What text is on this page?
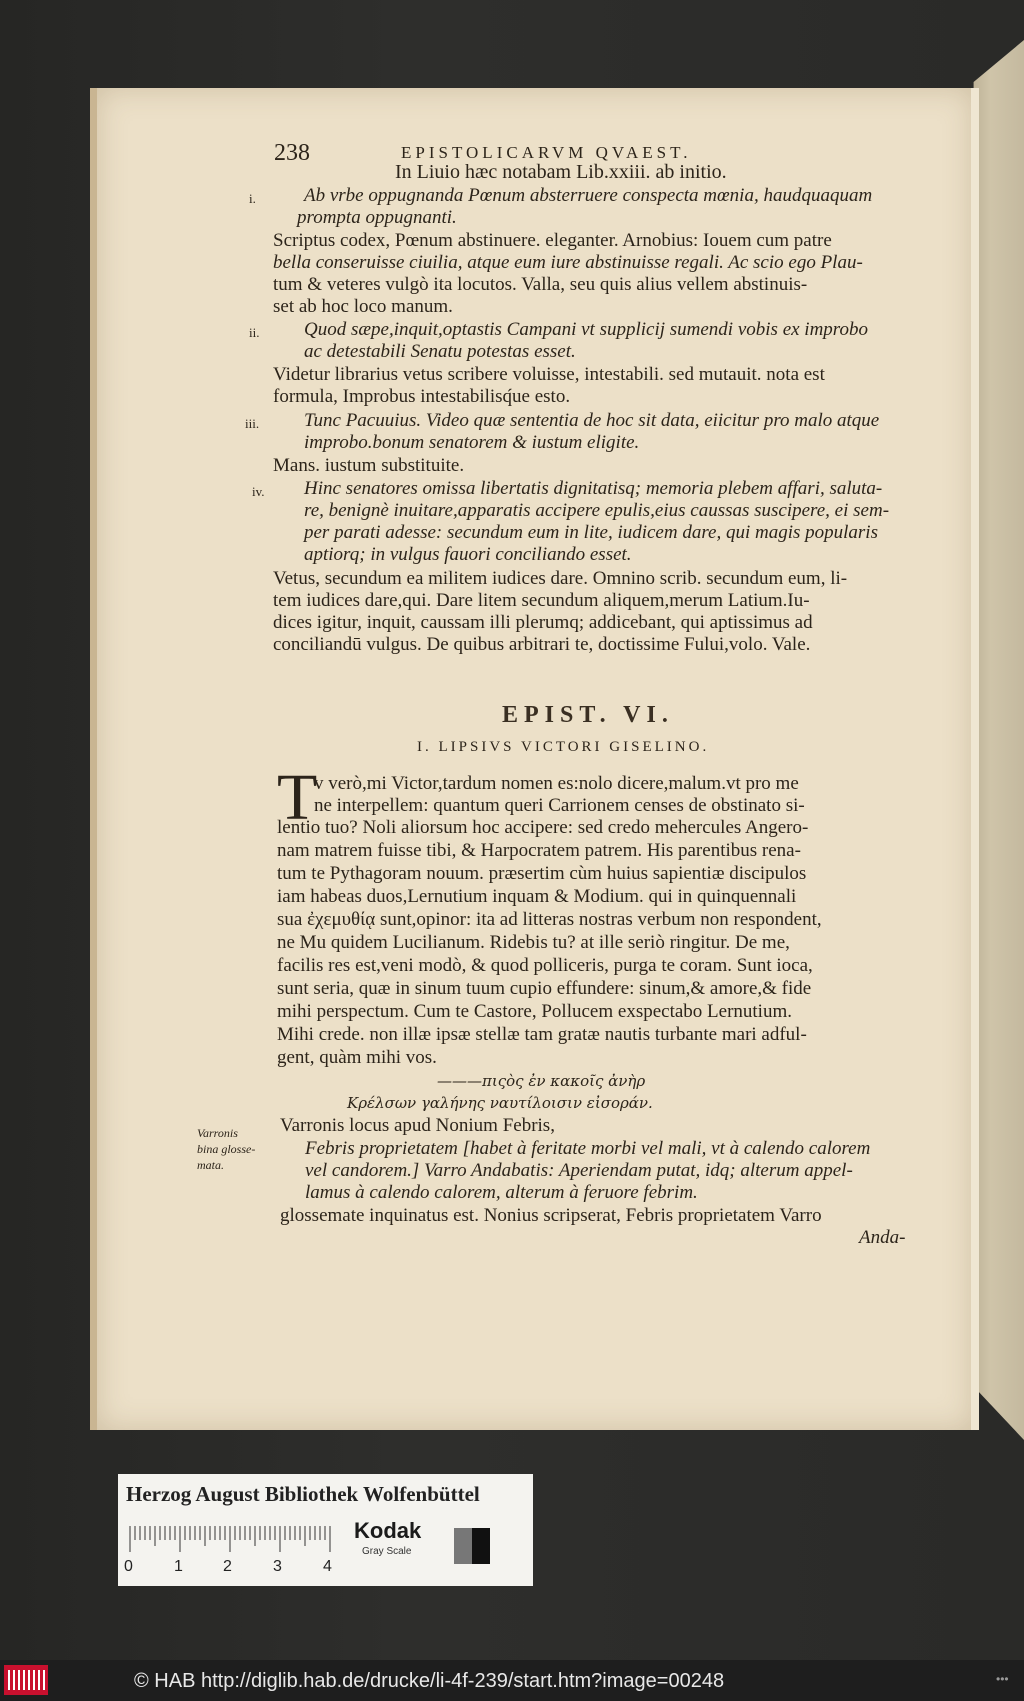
238	EPISTOLICARVM QVAEST.
In Liuio hæc notabam Lib.xxiii. ab initio.
i.	Ab vrbe oppugnanda Pœnum absterruere conspecta mœnia, haudquaquam
prompta oppugnanti.
Scriptus codex, Pœnum abstinuere. eleganter. Arnobius: Iouem cum patre
bella conseruisse ciuilia, atque eum iure abstinuisse regali. Ac scio ego Plau-
tum & veteres vulgò ita locutos. Valla, seu quis alius vellem abstinuis-
set ab hoc loco manum.
ii. Quod sæpe,inquit,optastis Campani vt supplicij sumendi vobis ex improbo
ac detestabili Senatu potestas esset.
Videtur librarius vetus scribere voluisse, intestabili. sed mutauit. nota est
formula, Improbus intestabilisq́ue esto.
iii. Tunc Pacuuius. Video quæ sententia de hoc sit data, eiicitur pro malo atque
improbo.bonum senatorem & iustum eligite.
Mans. iustum substituite.
iv. Hinc senatores omissa libertatis dignitatisq; memoria plebem affari, saluta-
re, benignè inuitare,apparatis accipere epulis,eius caussas suscipere, ei sem-
per parati adesse: secundum eum in lite, iudicem dare, qui magis popularis
aptiorq; in vulgus fauori conciliando esset.
Vetus, secundum ea militem iudices dare. Omnino scrib. secundum eum, li-
tem iudices dare,qui. Dare litem secundum aliquem,merum Latium.Iu-
dices igitur, inquit, caussam illi plerumq; addicebant, qui aptissimus ad
conciliandū vulgus. De quibus arbitrari te, doctissime Fului,volo. Vale.
EPIST. VI.
I. LIPSIVS VICTORI GISELINO.
T
v verò,mi Victor,tardum nomen es:nolo dicere,malum.vt pro me
ne interpellem: quantum queri Carrionem censes de obstinato si-
lentio tuo? Noli aliorsum hoc accipere: sed credo mehercules Angero-
nam matrem fuisse tibi, & Harpocratem patrem. His parentibus rena-
tum te Pythagoram nouum. præsertim cùm huius sapientiæ discipulos
iam habeas duos,Lernutium inquam & Modium. qui in quinquennali
sua ἐχεμυθίᾳ sunt,opinor: ita ad litteras nostras verbum non respondent,
ne Mu quidem Lucilianum. Ridebis tu? at ille seriò ringitur. De me,
facilis res est,veni modò, & quod polliceris, purga te coram. Sunt ioca,
sunt seria, quæ in sinum tuum cupio effundere: sinum,& amore,& fide
mihi perspectum. Cum te Castore, Pollucem exspectabo Lernutium.
Mihi crede. non illæ ipsæ stellæ tam gratæ nautis turbante mari adful-
gent, quàm mihi vos.
———πιςὸς ἐν κακοῖς ἀνὴρ
Κρέλσων γαλήνης ναυτίλοισιν εἰσοράν.
Varronis
bina glosse-
mata.
Varronis locus apud Nonium Febris,
Febris proprietatem [habet à feritate morbi vel mali, vt à calendo calorem
vel candorem.] Varro Andabatis: Aperiendam putat, idq; alterum appel-
lamus à calendo calorem, alterum à feruore febrim.
glossemate inquinatus est. Nonius scripserat, Febris proprietatem Varro
Anda-
Herzog August Bibliothek Wolfenbüttel
0	1	2	3	4
Kodak
Gray Scale
© HAB http://diglib.hab.de/drucke/li-4f-239/start.htm?image=00248	•••
